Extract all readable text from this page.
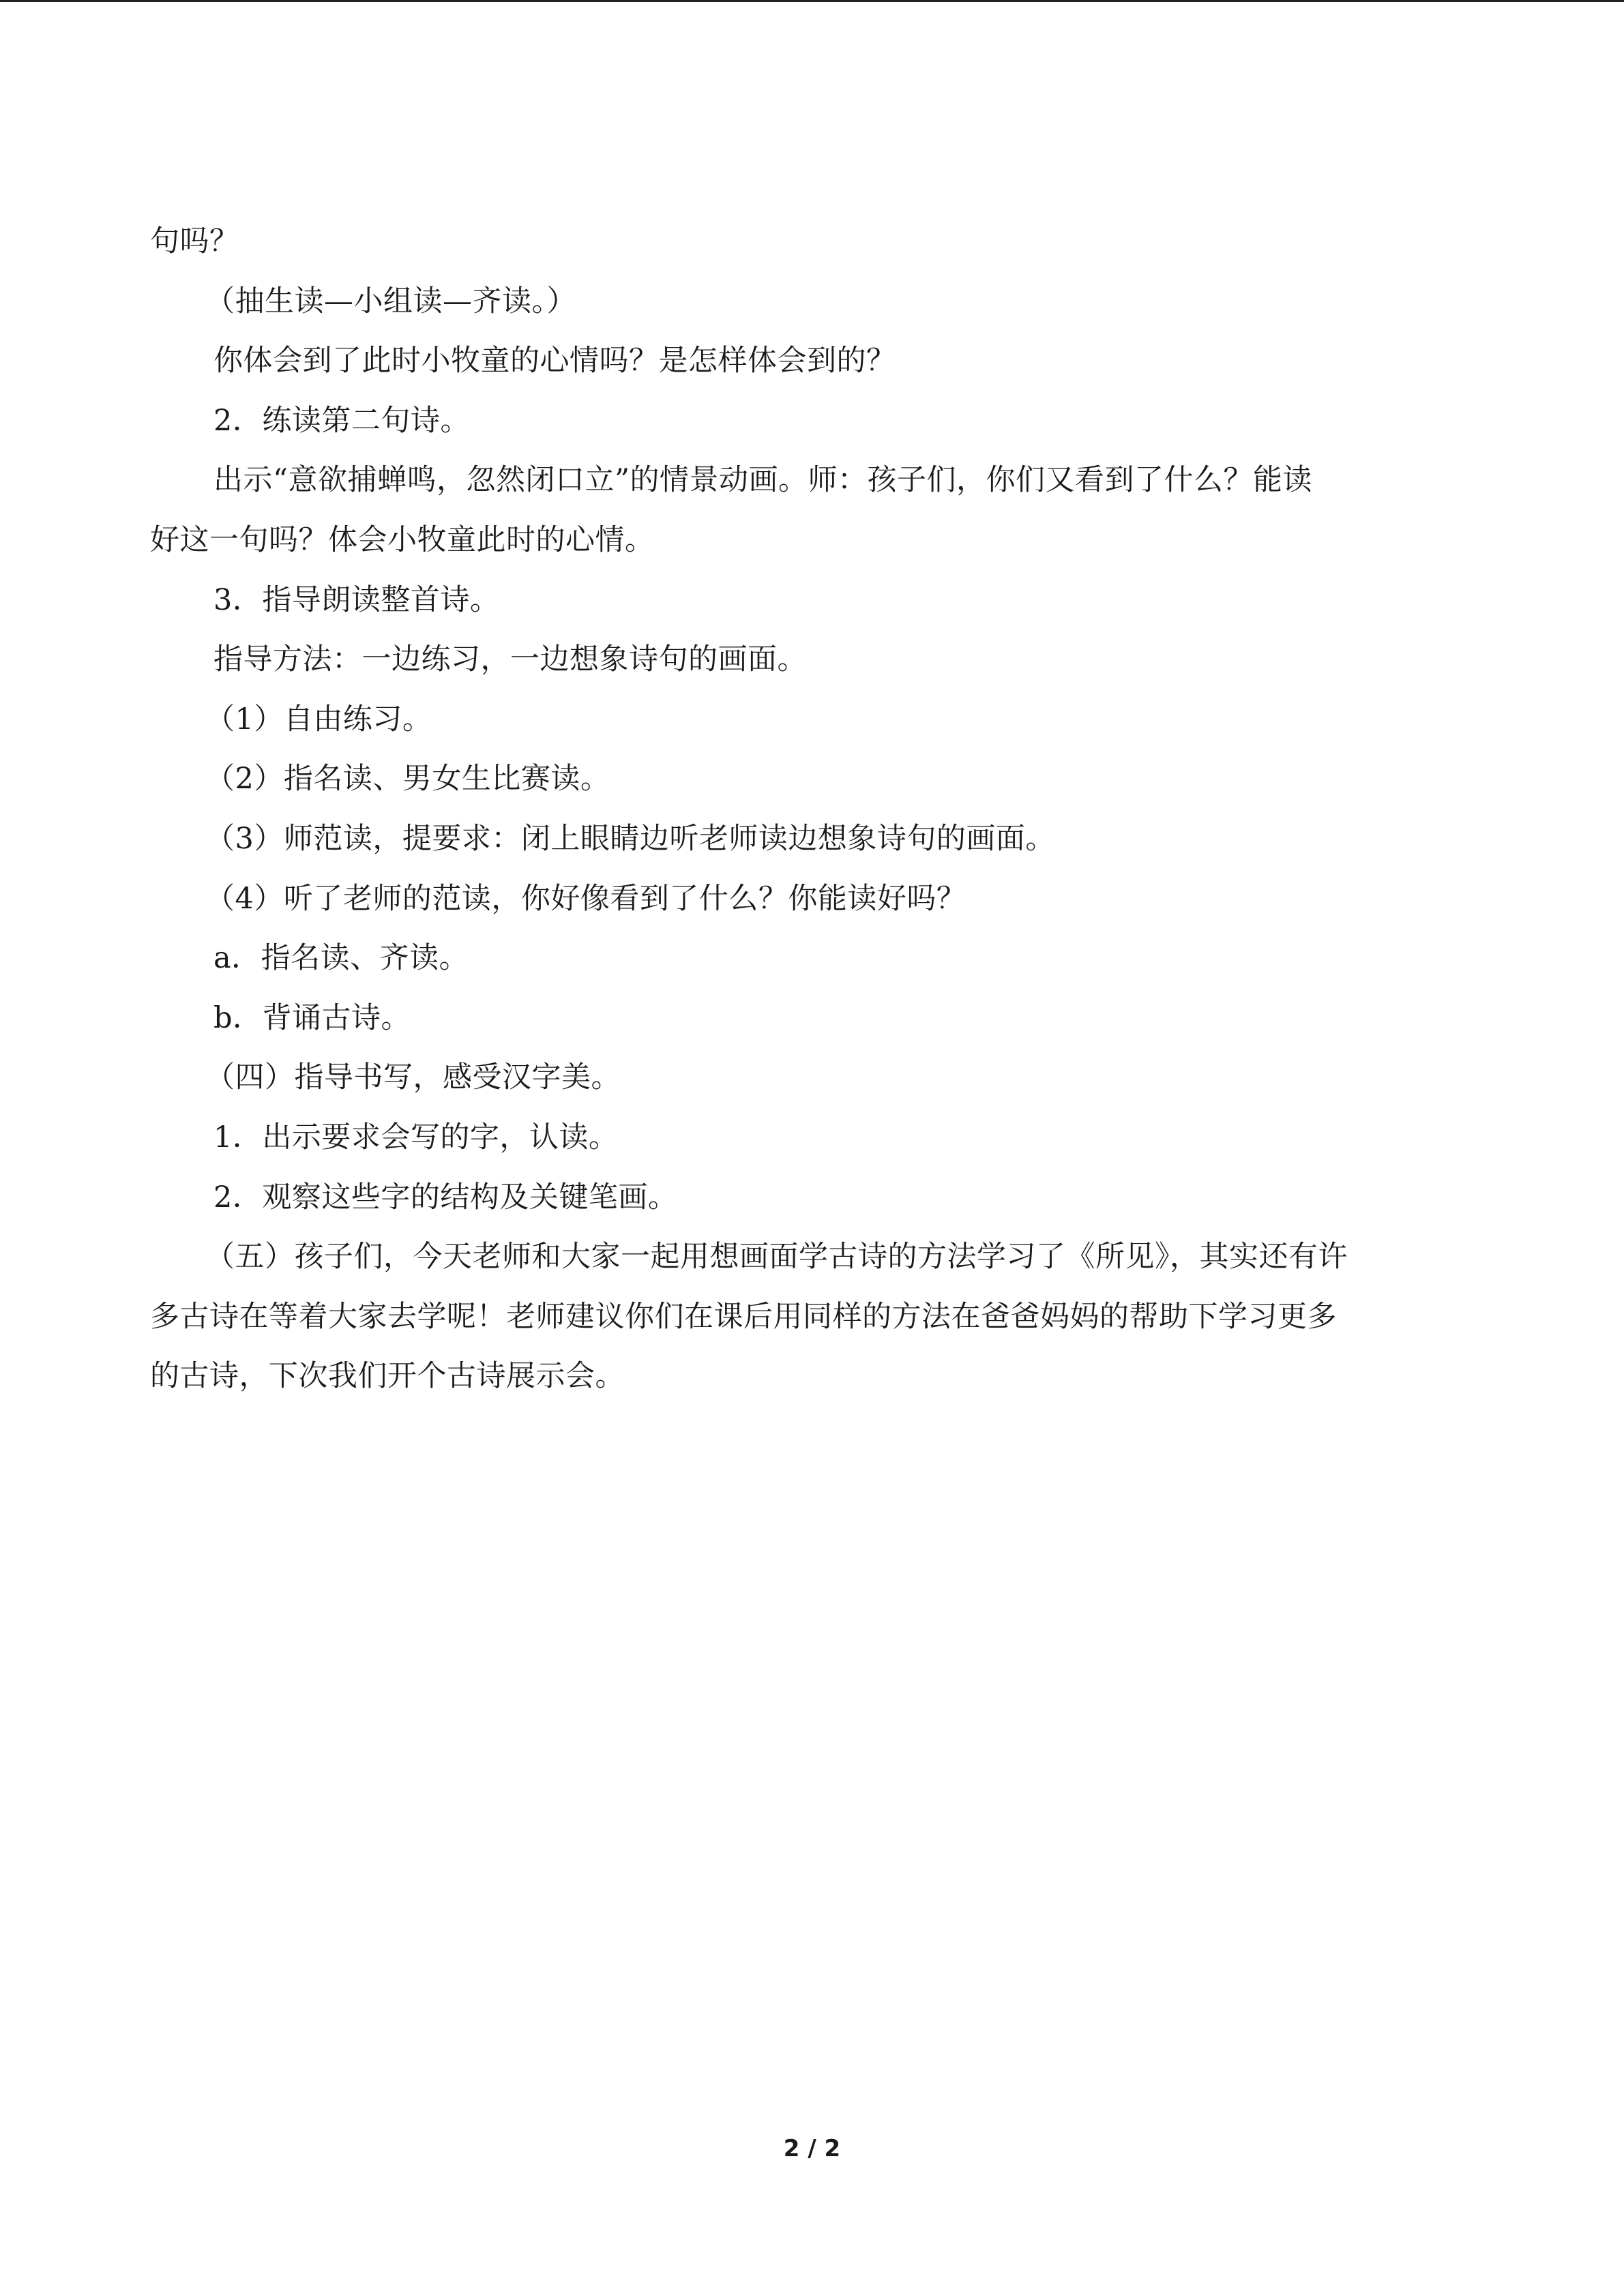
句吗？
（抽生读—小组读—齐读。）
你体会到了此时小牧童的心情吗？是怎样体会到的？
2．练读第二句诗。
出示“意欲捕蝉鸣，忽然闭口立”的情景动画。师：孩子们，你们又看到了什么？能读
好这一句吗？体会小牧童此时的心情。
3．指导朗读整首诗。
指导方法：一边练习，一边想象诗句的画面。
（1）自由练习。
（2）指名读、男女生比赛读。
（3）师范读，提要求：闭上眼睛边听老师读边想象诗句的画面。
（4）听了老师的范读，你好像看到了什么？你能读好吗？
a．指名读、齐读。
b．背诵古诗。
（四）指导书写，感受汉字美。
1．出示要求会写的字，认读。
2．观察这些字的结构及关键笔画。
（五）孩子们，今天老师和大家一起用想画面学古诗的方法学习了《所见》，其实还有许
多古诗在等着大家去学呢！老师建议你们在课后用同样的方法在爸爸妈妈的帮助下学习更多
的古诗，下次我们开个古诗展示会。
2 / 2
